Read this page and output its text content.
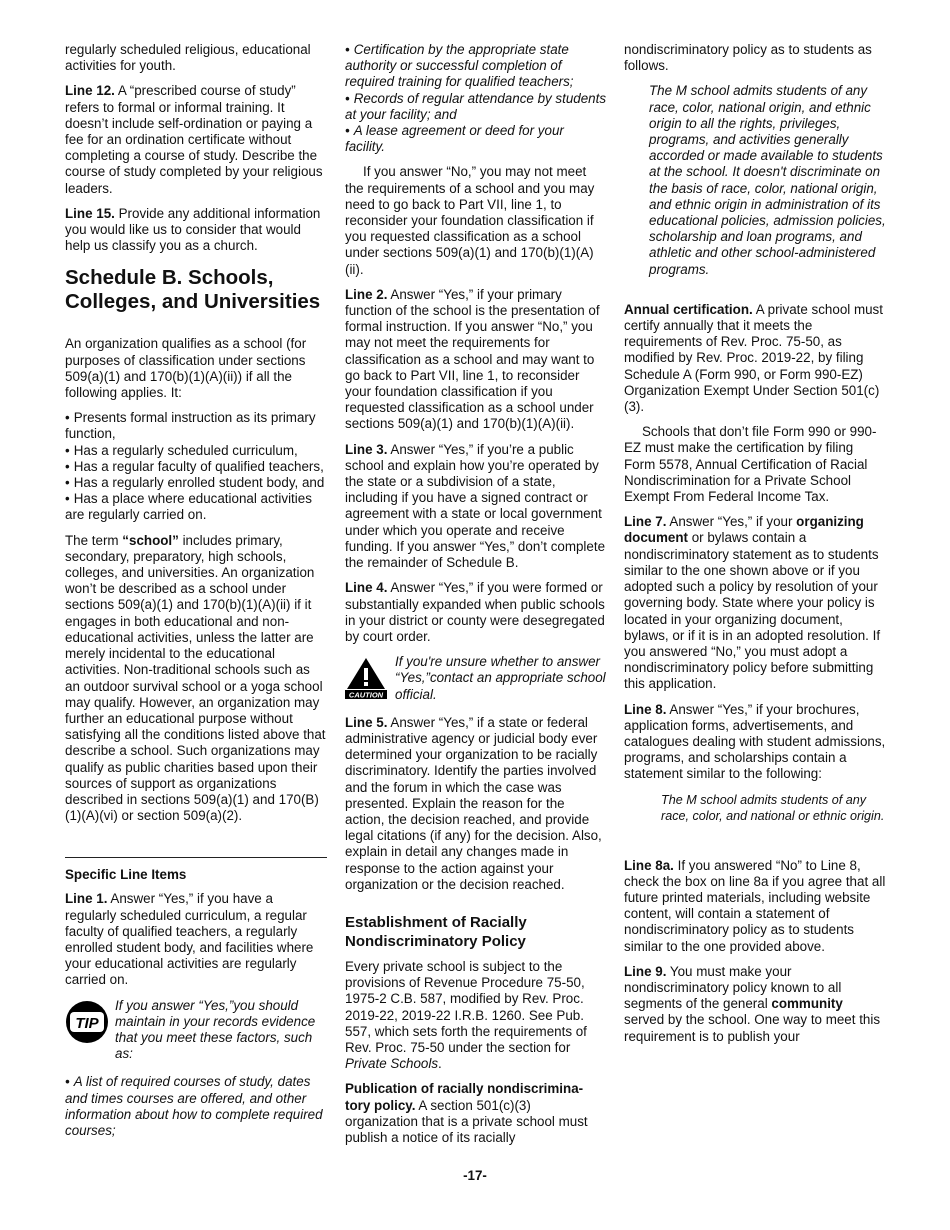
regularly scheduled religious, educational activities for youth.

Line 12. A “prescribed course of study” refers to formal or informal training. It doesn’t include self-ordination or paying a fee for an ordination certificate without completing a course of study. Describe the course of study completed by your religious leaders.

Line 15. Provide any additional information you would like us to consider that would help us classify you as a church.

Schedule B. Schools, Colleges, and Universities

An organization qualifies as a school (for purposes of classification under sections 509(a)(1) and 170(b)(1)(A)(ii)) if all the following applies. It:

• Presents formal instruction as its primary function,
• Has a regularly scheduled curriculum,
• Has a regular faculty of qualified teachers,
• Has a regularly enrolled student body, and
• Has a place where educational activities are regularly carried on.

The term “school” includes primary, secondary, preparatory, high schools, colleges, and universities. An organization won’t be described as a school under sections 509(a)(1) and 170(b)(1)(A)(ii) if it engages in both educational and non-educational activities, unless the latter are merely incidental to the educational activities. Non-traditional schools such as an outdoor survival school or a yoga school may qualify. However, an organization may further an educational purpose without satisfying all the conditions listed above that describe a school. Such organizations may qualify as public charities based upon their sources of support as organizations described in sections 509(a)(1) and 170(B)(1)(A)(vi) or section 509(a)(2).

Specific Line Items

Line 1. Answer “Yes,” if you have a regularly scheduled curriculum, a regular faculty of qualified teachers, a regularly enrolled student body, and facilities where your educational activities are regularly carried on.

TIP
If you answer “Yes,”you should maintain in your records evidence that you meet these factors, such as:
• A list of required courses of study, dates and times courses are offered, and other information about how to complete required courses;
• Certification by the appropriate state authority or successful completion of required training for qualified teachers;
• Records of regular attendance by students at your facility; and
• A lease agreement or deed for your facility.

If you answer “No,” you may not meet the requirements of a school and you may need to go back to Part VII, line 1, to reconsider your foundation classification if you requested classification as a school under sections 509(a)(1) and 170(b)(1)(A)(ii).

Line 2. Answer “Yes,” if your primary function of the school is the presentation of formal instruction. If you answer “No,” you may not meet the requirements for classification as a school and may want to go back to Part VII, line 1, to reconsider your foundation classification if you requested classification as a school under sections 509(a)(1) and 170(b)(1)(A)(ii).

Line 3. Answer “Yes,” if you’re a public school and explain how you’re operated by the state or a subdivision of a state, including if you have a signed contract or agreement with a state or local government under which you operate and receive funding. If you answer “Yes,” don’t complete the remainder of Schedule B.

Line 4. Answer “Yes,” if you were formed or substantially expanded when public schools in your district or county were desegregated by court order.

CAUTION
If you're unsure whether to answer “Yes,”contact an appropriate school official.

Line 5. Answer “Yes,” if a state or federal administrative agency or judicial body ever determined your organization to be racially discriminatory. Identify the parties involved and the forum in which the case was presented. Explain the reason for the action, the decision reached, and provide legal citations (if any) for the decision. Also, explain in detail any changes made in response to the action against your organization or the decision reached.

Establishment of Racially Nondiscriminatory Policy

Every private school is subject to the provisions of Revenue Procedure 75-50, 1975-2 C.B. 587, modified by Rev. Proc. 2019-22, 2019-22 I.R.B. 1260. See Pub. 557, which sets forth the requirements of Rev. Proc. 75-50 under the section for Private Schools.

Publication of racially nondiscrimina-tory policy. A section 501(c)(3) organization that is a private school must publish a notice of its racially

nondiscriminatory policy as to students as follows.

The M school admits students of any race, color, national origin, and ethnic origin to all the rights, privileges, programs, and activities generally accorded or made available to students at the school. It doesn't discriminate on the basis of race, color, national origin, and ethnic origin in administration of its educational policies, admission policies, scholarship and loan programs, and athletic and other school-administered programs.

Annual certification. A private school must certify annually that it meets the requirements of Rev. Proc. 75-50, as modified by Rev. Proc. 2019-22, by filing Schedule A (Form 990, or Form 990-EZ) Organization Exempt Under Section 501(c)(3).

Schools that don’t file Form 990 or 990-EZ must make the certification by filing Form 5578, Annual Certification of Racial Nondiscrimination for a Private School Exempt From Federal Income Tax.

Line 7. Answer “Yes,” if your organizing document or bylaws contain a nondiscriminatory statement as to students similar to the one shown above or if you adopted such a policy by resolution of your governing body. State where your policy is located in your organizing document, bylaws, or if it is in an adopted resolution. If you answered “No,” you must adopt a nondiscriminatory policy before submitting this application.

Line 8. Answer “Yes,” if your brochures, application forms, advertisements, and catalogues dealing with student admissions, programs, and scholarships contain a statement similar to the following:

The M school admits students of any race, color, and national or ethnic origin.

Line 8a. If you answered “No” to Line 8, check the box on line 8a if you agree that all future printed materials, including website content, will contain a statement of nondiscriminatory policy as to students similar to the one provided above.

Line 9. You must make your nondiscriminatory policy known to all segments of the general community served by the school. One way to meet this requirement is to publish your

-17-
